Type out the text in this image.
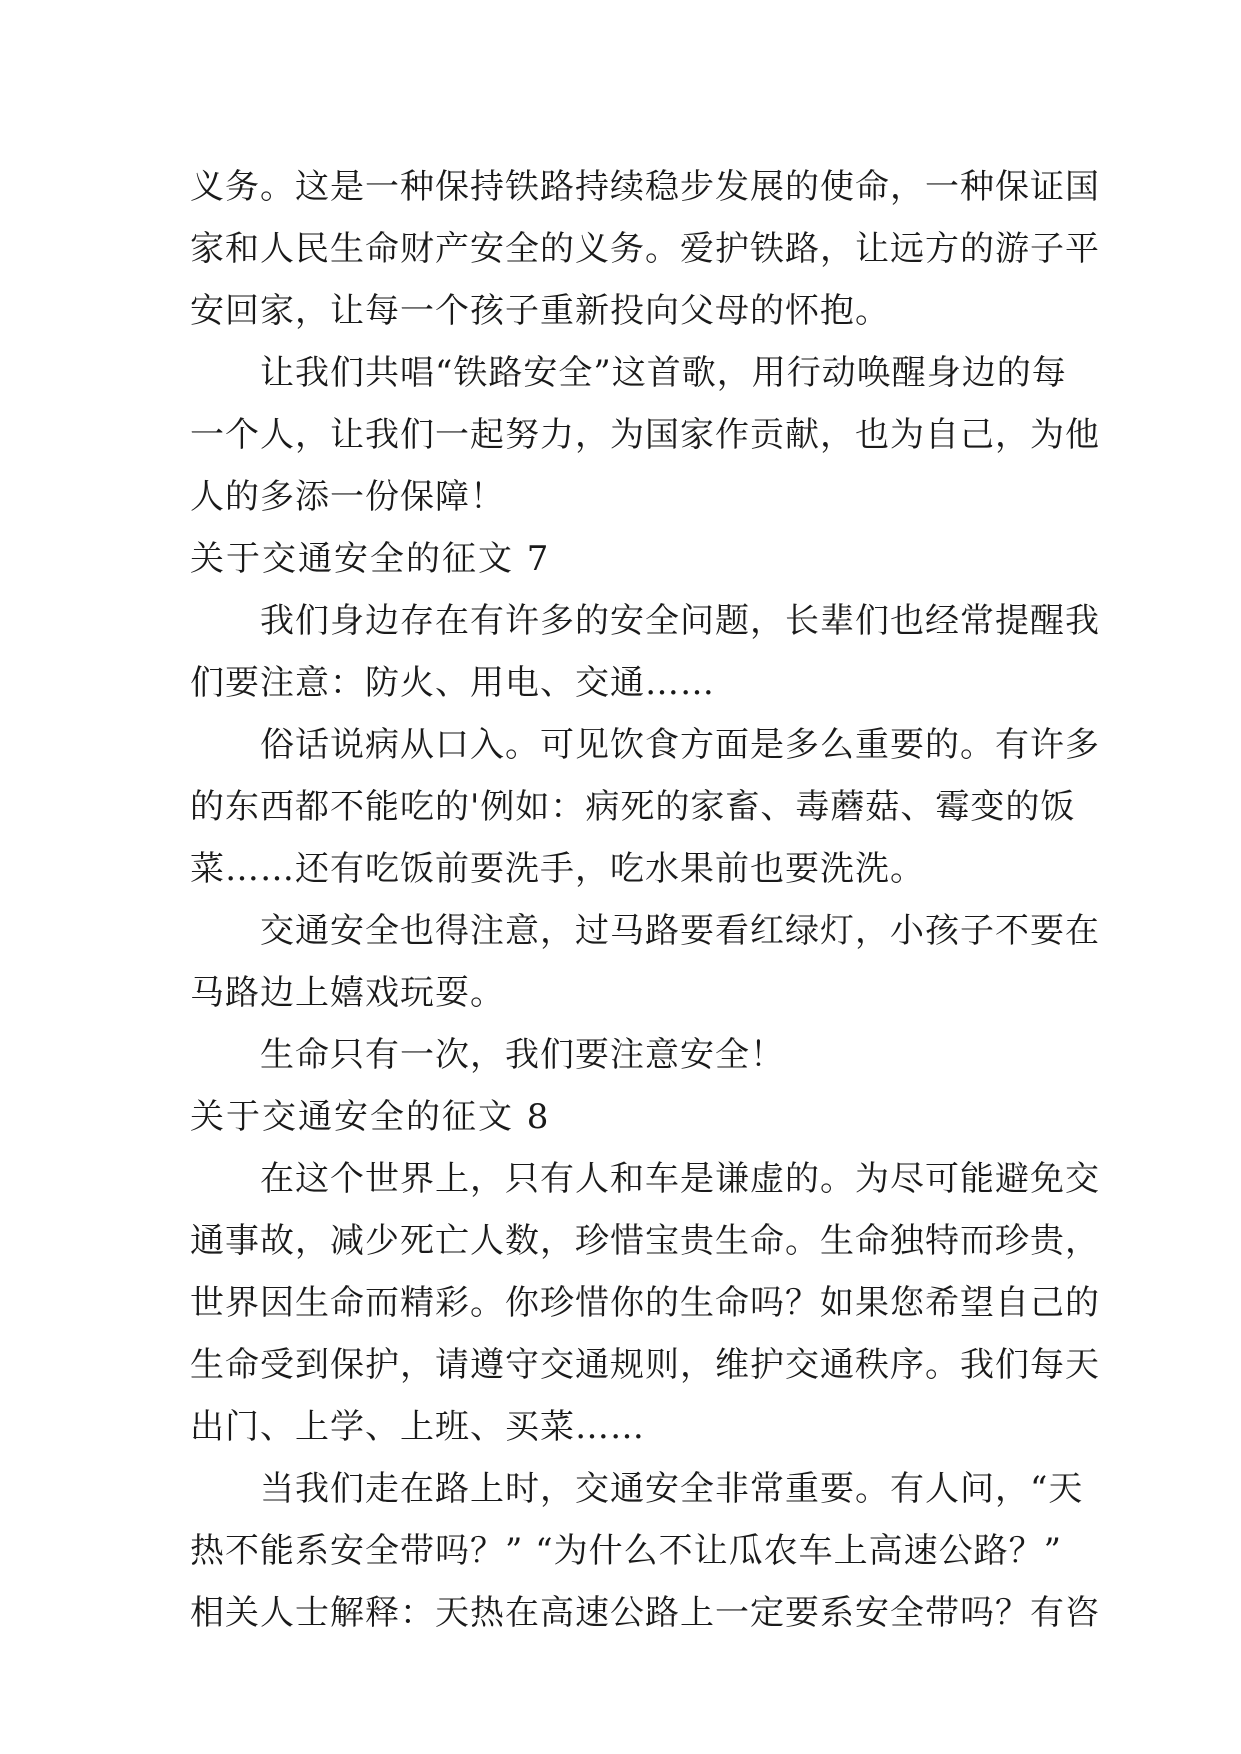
义务。这是一种保持铁路持续稳步发展的使命，一种保证国
家和人民生命财产安全的义务。爱护铁路，让远方的游子平
安回家，让每一个孩子重新投向父母的怀抱。
让我们共唱“铁路安全”这首歌，用行动唤醒身边的每
一个人，让我们一起努力，为国家作贡献，也为自己，为他
人的多添一份保障！
关于交通安全的征文 7
我们身边存在有许多的安全问题，长辈们也经常提醒我
们要注意：防火、用电、交通……
俗话说病从口入。可见饮食方面是多么重要的。有许多
的东西都不能吃的'例如：病死的家畜、毒蘑菇、霉变的饭
菜……还有吃饭前要洗手，吃水果前也要洗洗。
交通安全也得注意，过马路要看红绿灯，小孩子不要在
马路边上嬉戏玩耍。
生命只有一次，我们要注意安全！
关于交通安全的征文 8
在这个世界上，只有人和车是谦虚的。为尽可能避免交
通事故，减少死亡人数，珍惜宝贵生命。生命独特而珍贵，
世界因生命而精彩。你珍惜你的生命吗？如果您希望自己的
生命受到保护，请遵守交通规则，维护交通秩序。我们每天
出门、上学、上班、买菜……
当我们走在路上时，交通安全非常重要。有人问，“天
热不能系安全带吗？” “为什么不让瓜农车上高速公路？”
相关人士解释：天热在高速公路上一定要系安全带吗？有咨
